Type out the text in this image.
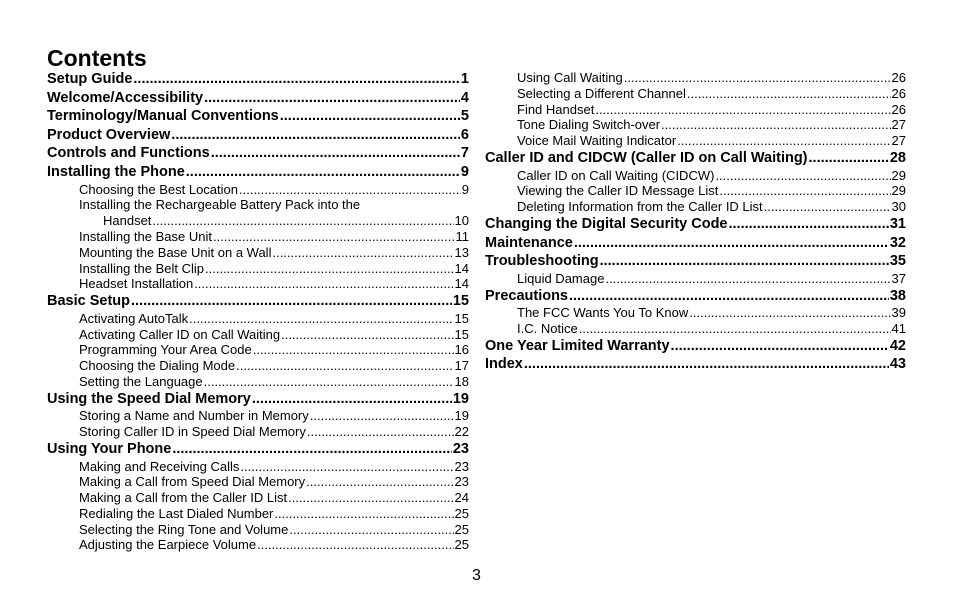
Contents
Setup Guide .....	1
Welcome/Accessibility .....	4
Terminology/Manual Conventions .....	5
Product Overview .....	6
Controls and Functions .....	7
Installing the Phone .....	9
Choosing the Best Location .....	9
Installing the Rechargeable Battery Pack into the
Handset .....	10
Installing the Base Unit .....	11
Mounting the Base Unit on a Wall .....	13
Installing the Belt Clip .....	14
Headset Installation .....	14
Basic Setup .....	15
Activating AutoTalk .....	15
Activating Caller ID on Call Waiting .....	15
Programming Your Area Code .....	16
Choosing the Dialing Mode .....	17
Setting the Language .....	18
Using the Speed Dial Memory .....	19
Storing a Name and Number in Memory .....	19
Storing Caller ID in Speed Dial Memory .....	22
Using Your Phone .....	23
Making and Receiving Calls .....	23
Making a Call from Speed Dial Memory .....	23
Making a Call from the Caller ID List .....	24
Redialing the Last Dialed Number .....	25
Selecting the Ring Tone and Volume .....	25
Adjusting the Earpiece Volume .....	25
Using Call Waiting .....	26
Selecting a Different Channel .....	26
Find Handset .....	26
Tone Dialing Switch-over .....	27
Voice Mail Waiting Indicator .....	27
Caller ID and CIDCW (Caller ID on Call Waiting) .....	28
Caller ID on Call Waiting (CIDCW) .....	29
Viewing the Caller ID Message List .....	29
Deleting Information from the Caller ID List .....	30
Changing the Digital Security Code .....	31
Maintenance .....	32
Troubleshooting .....	35
Liquid Damage .....	37
Precautions .....	38
The FCC Wants You To Know .....	39
I.C. Notice .....	41
One Year Limited Warranty .....	42
Index .....	43
3
